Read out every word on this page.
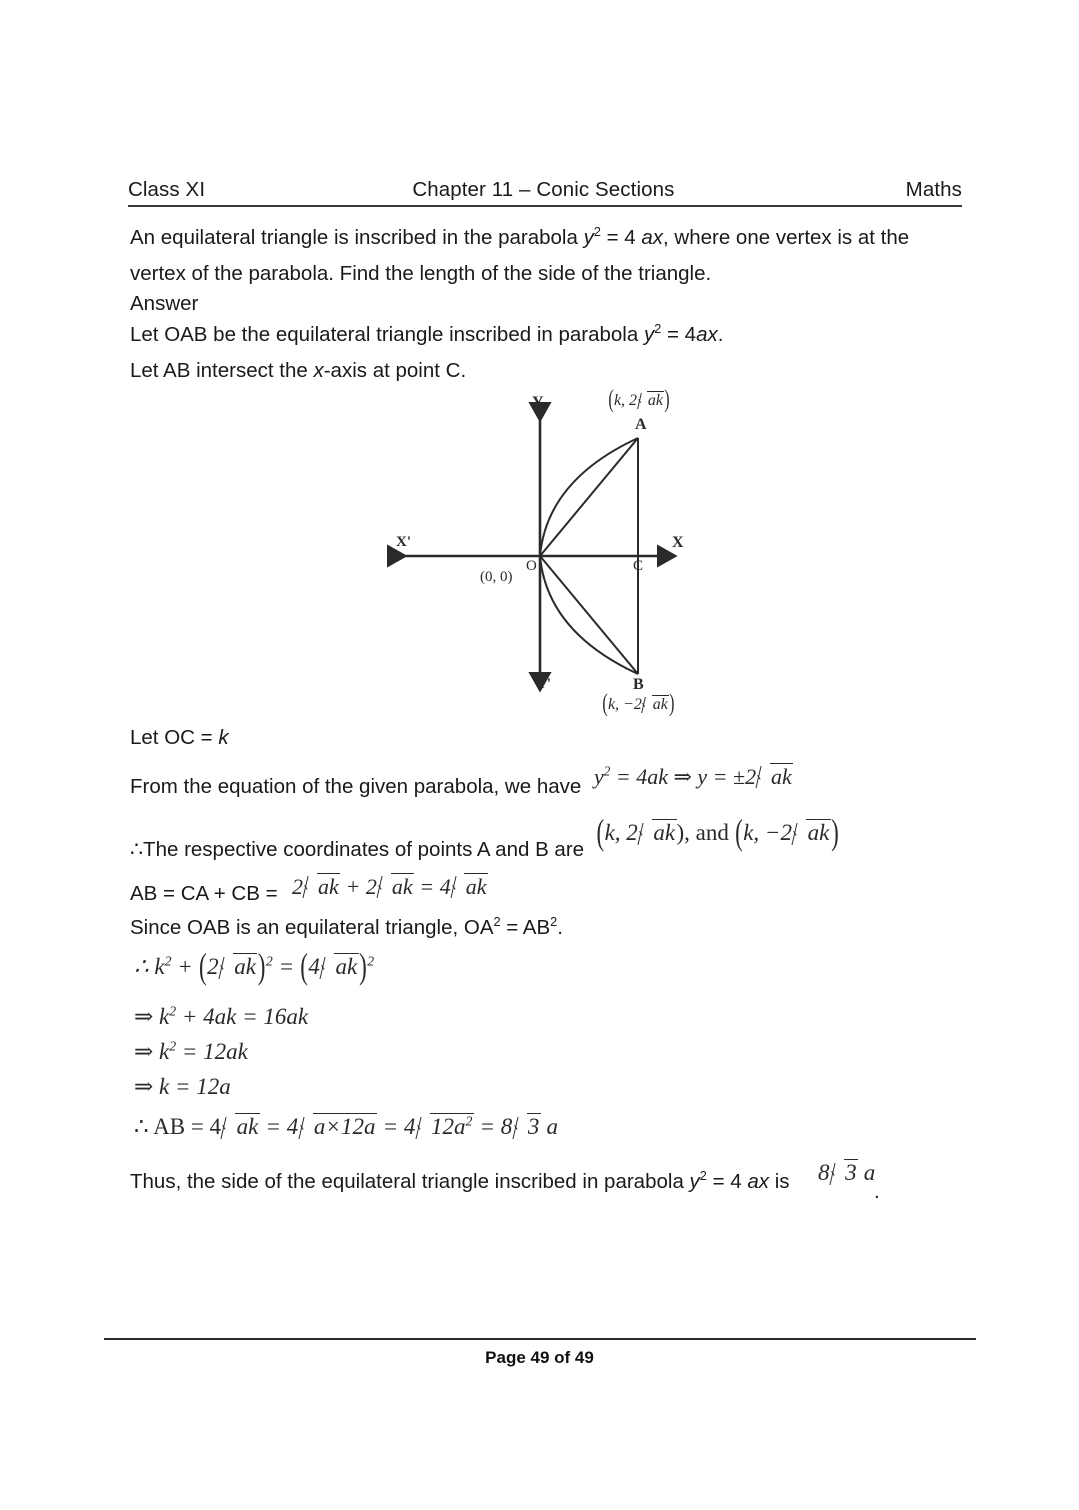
Class XI	Chapter 11 – Conic Sections	Maths
An equilateral triangle is inscribed in the parabola $y^2 = 4$ ax, where one vertex is at the
vertex of the parabola. Find the length of the side of the triangle.
Answer
Let OAB be the equilateral triangle inscribed in parabola $y^2 = 4ax$.
Let AB intersect the x-axis at point C.
Y
Y'
X
X'
O
(0, 0)
A
B
C
(k, 2 ak)
(k, −2 ak)
Let OC = k
From the equation of the given parabola, we have $y^2 = 4ak$ ⇒ y = ±2 ak
∴The respective coordinates of points A and B are (k, 2 ak), and (k, −2 ak)
AB = CA + CB = 2 ak + 2 ak = 4 ak
Since OAB is an equilateral triangle, $OA^2 = AB^2$.
∴ $k^2 + (2$ ak)$^2$ = (4 ak)$^2$
⇒ $k^2 + 4ak = 16ak$
⇒ $k^2 = 12ak$
⇒ k = 12a
∴ AB = 4 ak = 4 a×12a = 4 $12a^2 = 8$ 3 a
Thus, the side of the equilateral triangle inscribed in parabola $y^2 = 4$ ax is 8 3 a
.
Page 49 of 49
